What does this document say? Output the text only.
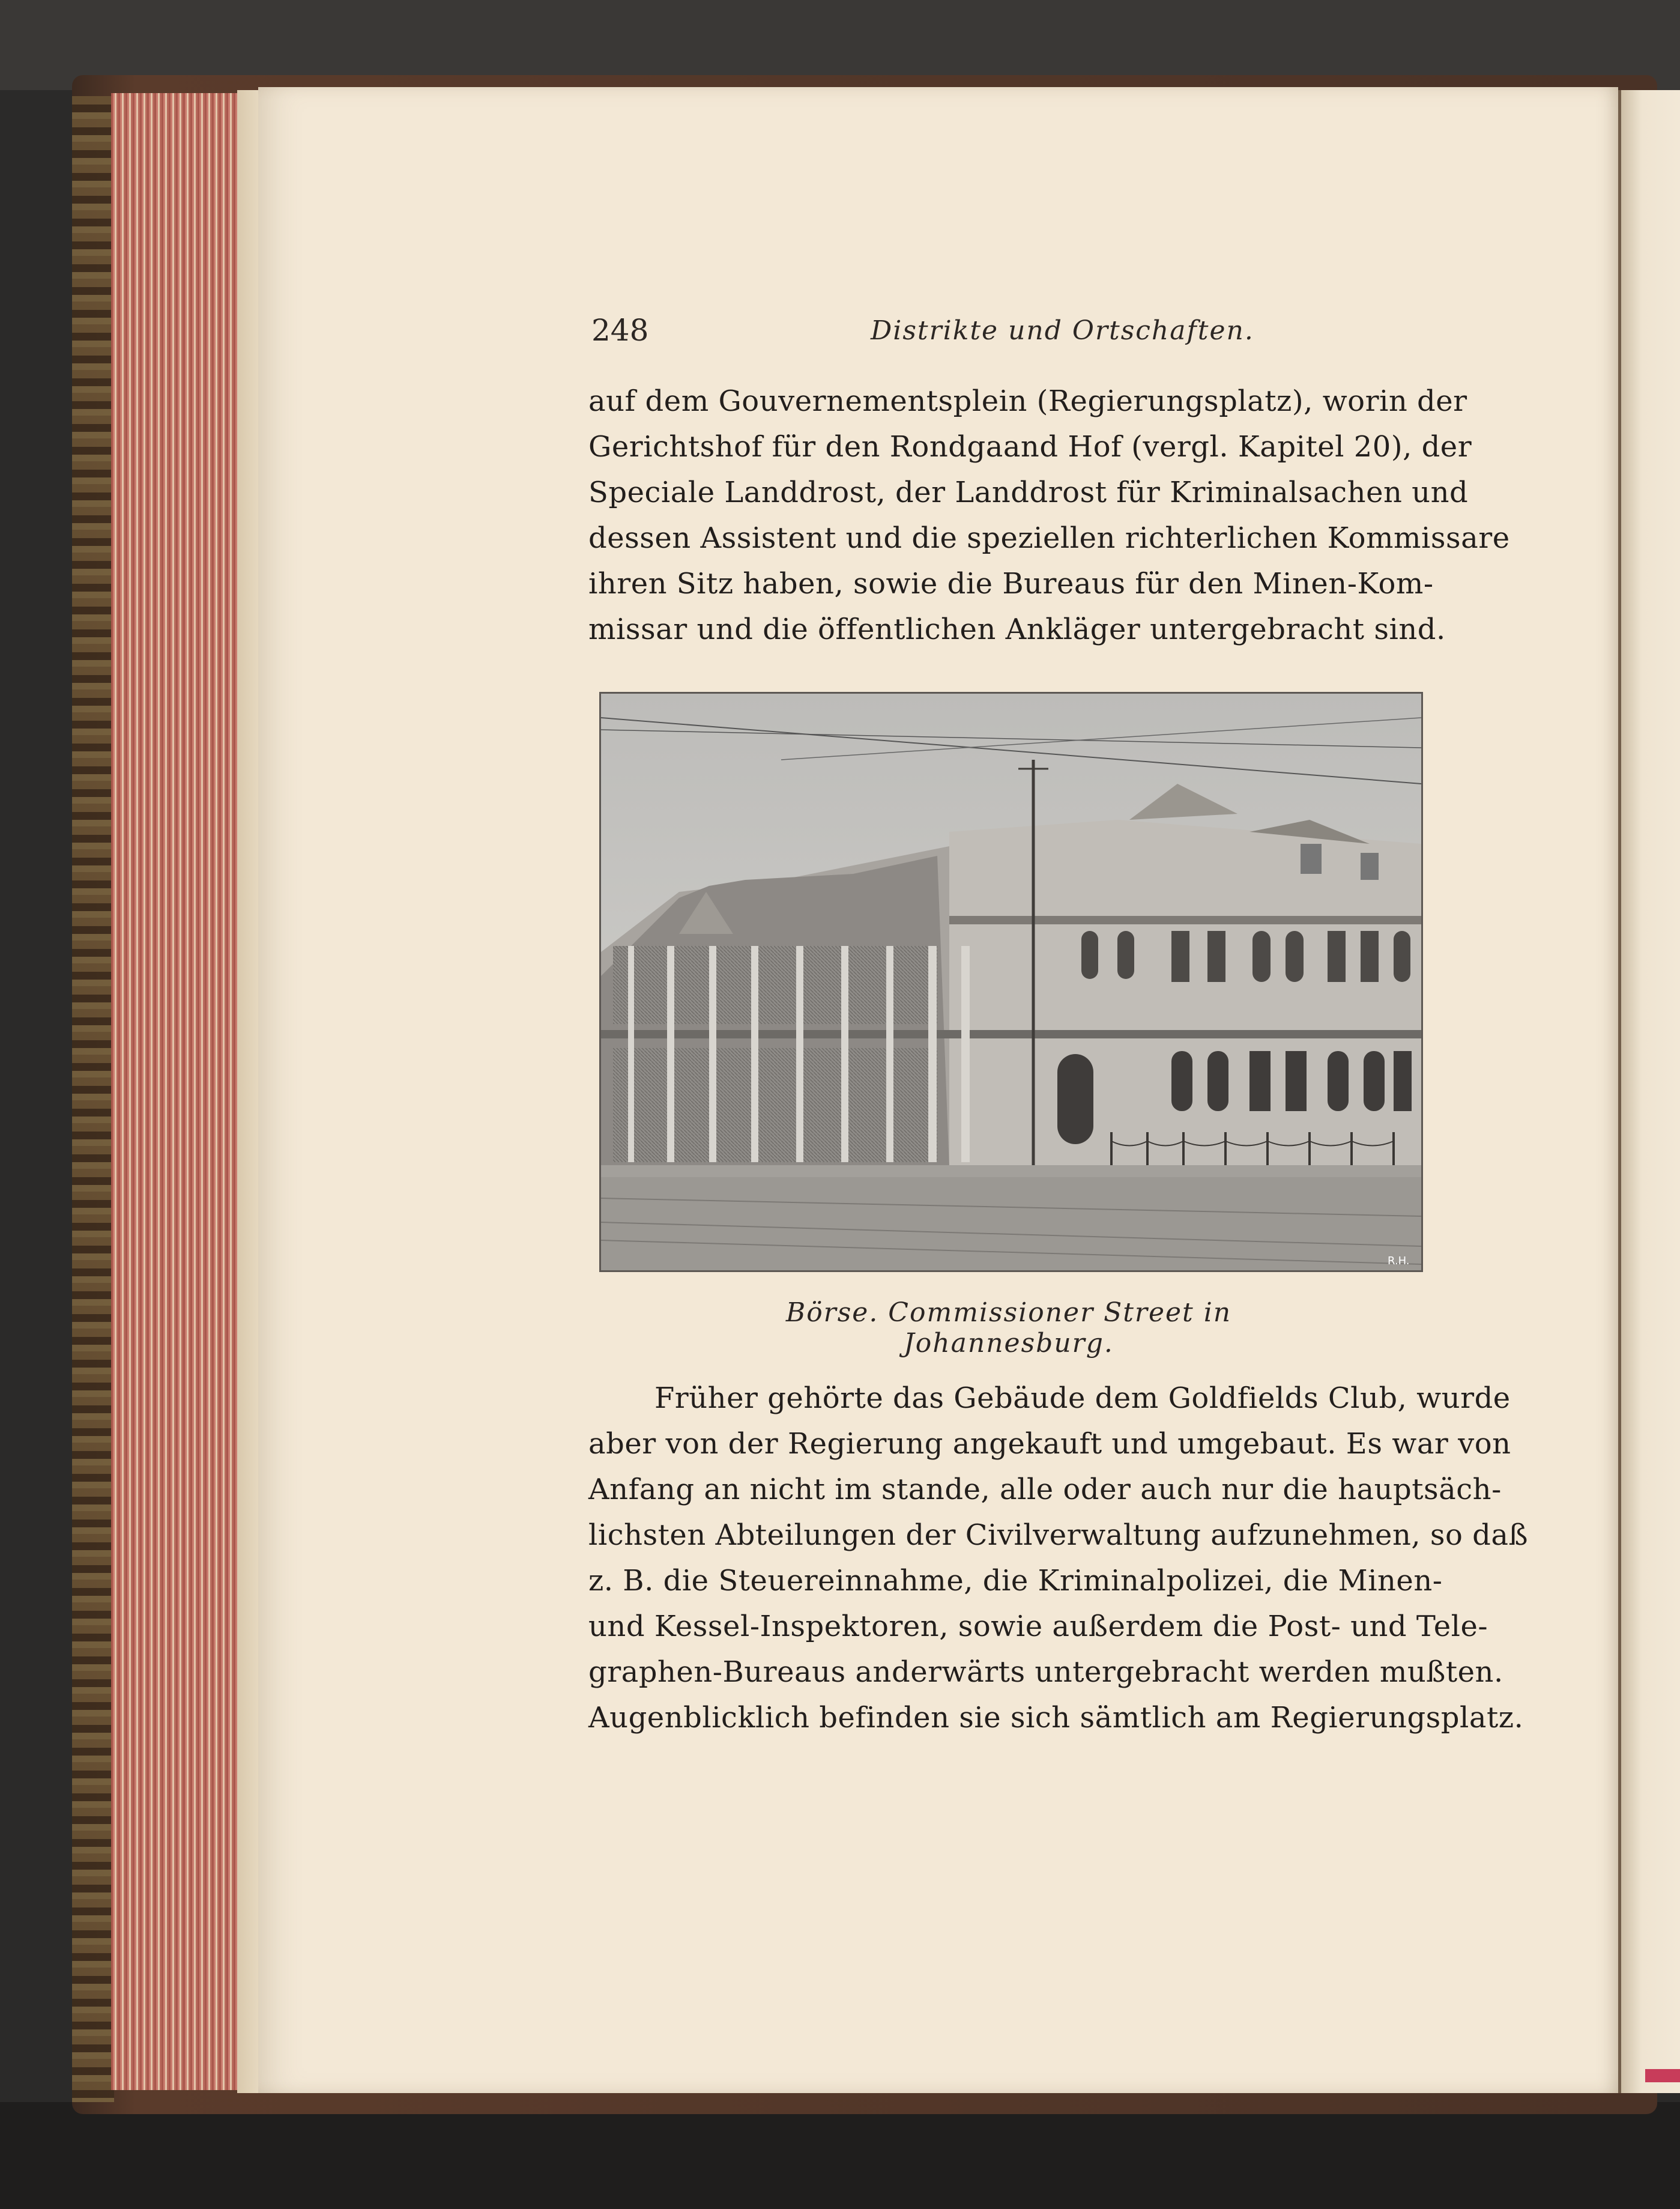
248	Distrikte und Ortschaften.
auf dem Gouvernementsplein (Regierungsplatz), worin der
Gerichtshof für den Rondgaand Hof (vergl. Kapitel 20), der
Speciale Landdrost, der Landdrost für Kriminalsachen und
dessen Assistent und die speziellen richterlichen Kommissare
ihren Sitz haben, sowie die Bureaus für den Minen-Kom-
missar und die öffentlichen Ankläger untergebracht sind.
R.H.
Börse. Commissioner Street in Johannesburg.
Früher gehörte das Gebäude dem Goldfields Club, wurde
aber von der Regierung angekauft und umgebaut. Es war von
Anfang an nicht im stande, alle oder auch nur die hauptsäch-
lichsten Abteilungen der Civilverwaltung aufzunehmen, so daß
z. B. die Steuereinnahme, die Kriminalpolizei, die Minen-
und Kessel-Inspektoren, sowie außerdem die Post- und Tele-
graphen-Bureaus anderwärts untergebracht werden mußten.
Augenblicklich befinden sie sich sämtlich am Regierungsplatz.
